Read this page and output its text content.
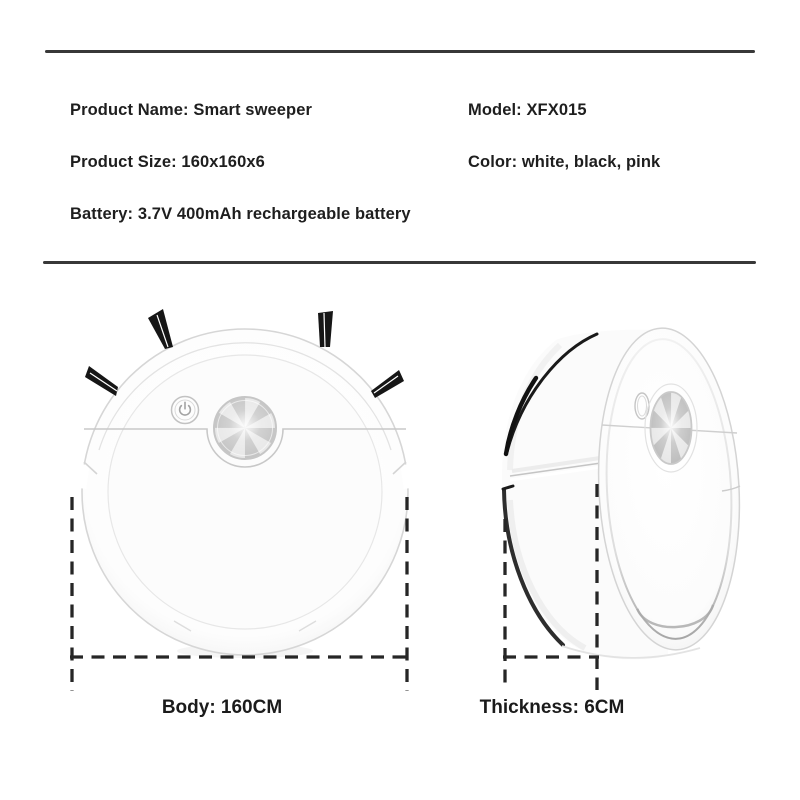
Product Name: Smart sweeper	Model: XFX015
Product Size: 160x160x6	Color: white, black, pink
Battery: 3.7V 400mAh rechargeable battery
Body: 160CM	Thickness: 6CM
